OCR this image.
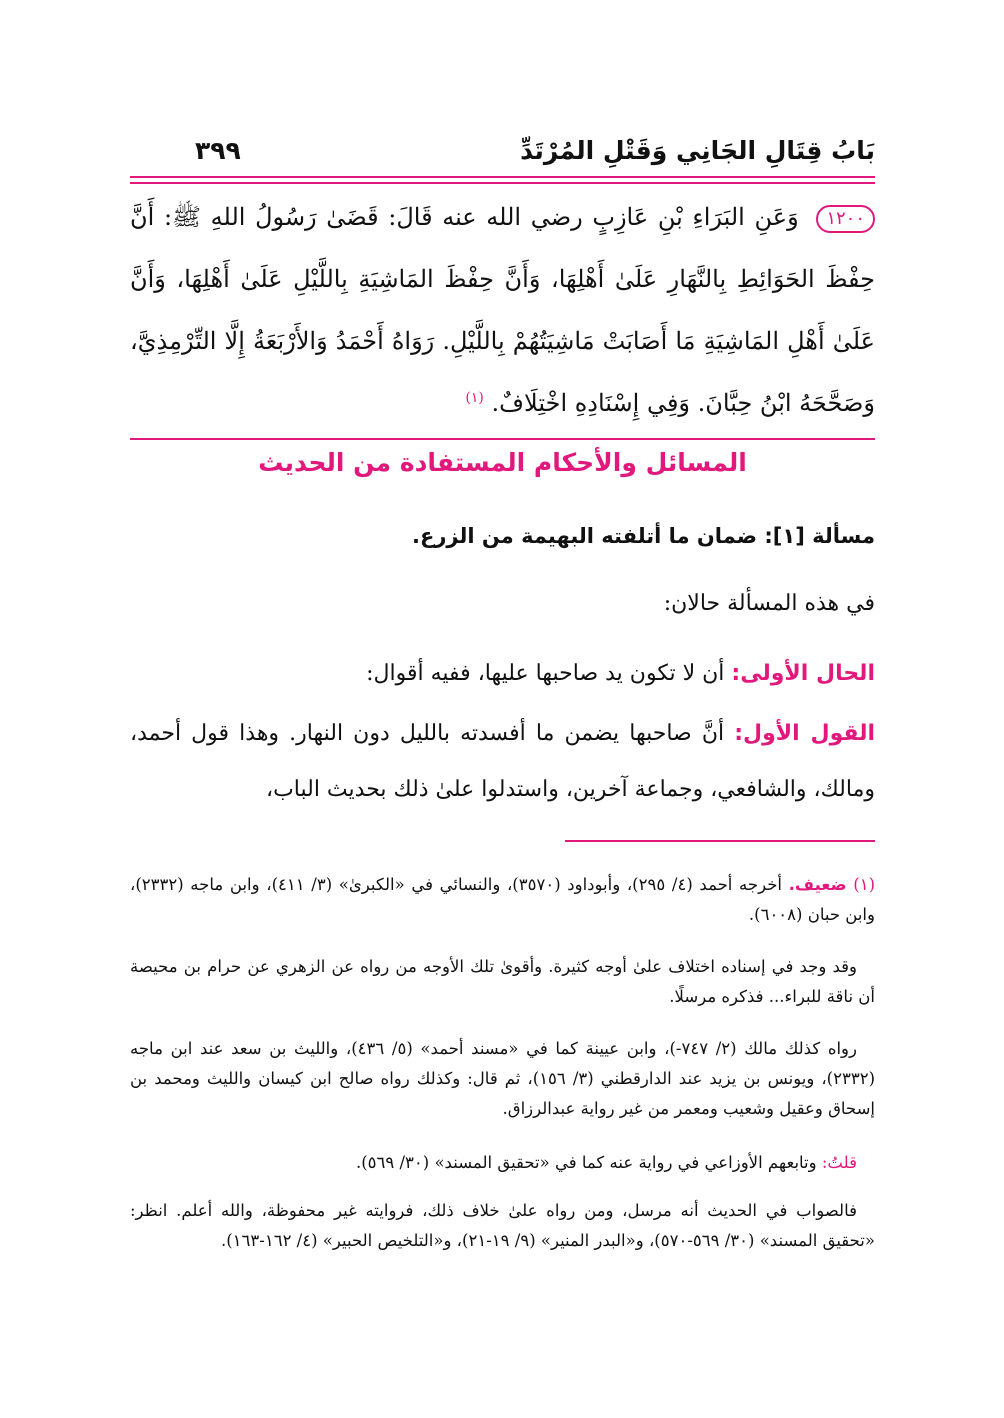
بَابُ قِتَالِ الجَانِي وَقَتْلِ المُرْتَدِّ
٣٩٩
١٢٠٠ وَعَنِ البَرَاءِ بْنِ عَازِبٍ رضي الله عنه قَالَ: قَضَىٰ رَسُولُ اللهِ ﷺ: أَنَّ حِفْظَ الحَوَائِطِ بِالنَّهَارِ عَلَىٰ أَهْلِهَا، وَأَنَّ حِفْظَ المَاشِيَةِ بِاللَّيْلِ عَلَىٰ أَهْلِهَا، وَأَنَّ عَلَىٰ أَهْلِ المَاشِيَةِ مَا أَصَابَتْ مَاشِيَتُهُمْ بِاللَّيْلِ. رَوَاهُ أَحْمَدُ وَالأَرْبَعَةُ إِلَّا التِّرْمِذِيَّ، وَصَحَّحَهُ ابْنُ حِبَّانَ. وَفِي إِسْنَادِهِ اخْتِلَافٌ. $^{(١)}$
المسائل والأحكام المستفادة من الحديث
مسألة [١]: ضمان ما أتلفته البهيمة من الزرع.
في هذه المسألة حالان:
الحال الأولى: أن لا تكون يد صاحبها عليها، ففيه أقوال:
القول الأول: أنَّ صاحبها يضمن ما أفسدته بالليل دون النهار. وهذا قول أحمد، ومالك، والشافعي، وجماعة آخرين، واستدلوا علىٰ ذلك بحديث الباب،
(١) ضعيف. أخرجه أحمد (٤/ ٢٩٥)، وأبوداود (٣٥٧٠)، والنسائي في «الكبرىٰ» (٣/ ٤١١)، وابن ماجه (٢٣٣٢)، وابن حبان (٦٠٠٨).
وقد وجد في إسناده اختلاف علىٰ أوجه كثيرة. وأقوىٰ تلك الأوجه من رواه عن الزهري عن حرام بن محيصة أن ناقة للبراء... فذكره مرسلًا.
رواه كذلك مالك (٢/ ٧٤٧-)، وابن عيينة كما في «مسند أحمد» (٥/ ٤٣٦)، والليث بن سعد عند ابن ماجه (٢٣٣٢)، ويونس بن يزيد عند الدارقطني (٣/ ١٥٦)، ثم قال: وكذلك رواه صالح ابن كيسان والليث ومحمد بن إسحاق وعقيل وشعيب ومعمر من غير رواية عبدالرزاق.
قلتُ: وتابعهم الأوزاعي في رواية عنه كما في «تحقيق المسند» (٣٠/ ٥٦٩).
فالصواب في الحديث أنه مرسل، ومن رواه علىٰ خلاف ذلك، فروايته غير محفوظة، والله أعلم. انظر: «تحقيق المسند» (٣٠/ ٥٦٩-٥٧٠)، و«البدر المنير» (٩/ ١٩-٢١)، و«التلخيص الحبير» (٤/ ١٦٢-١٦٣).
